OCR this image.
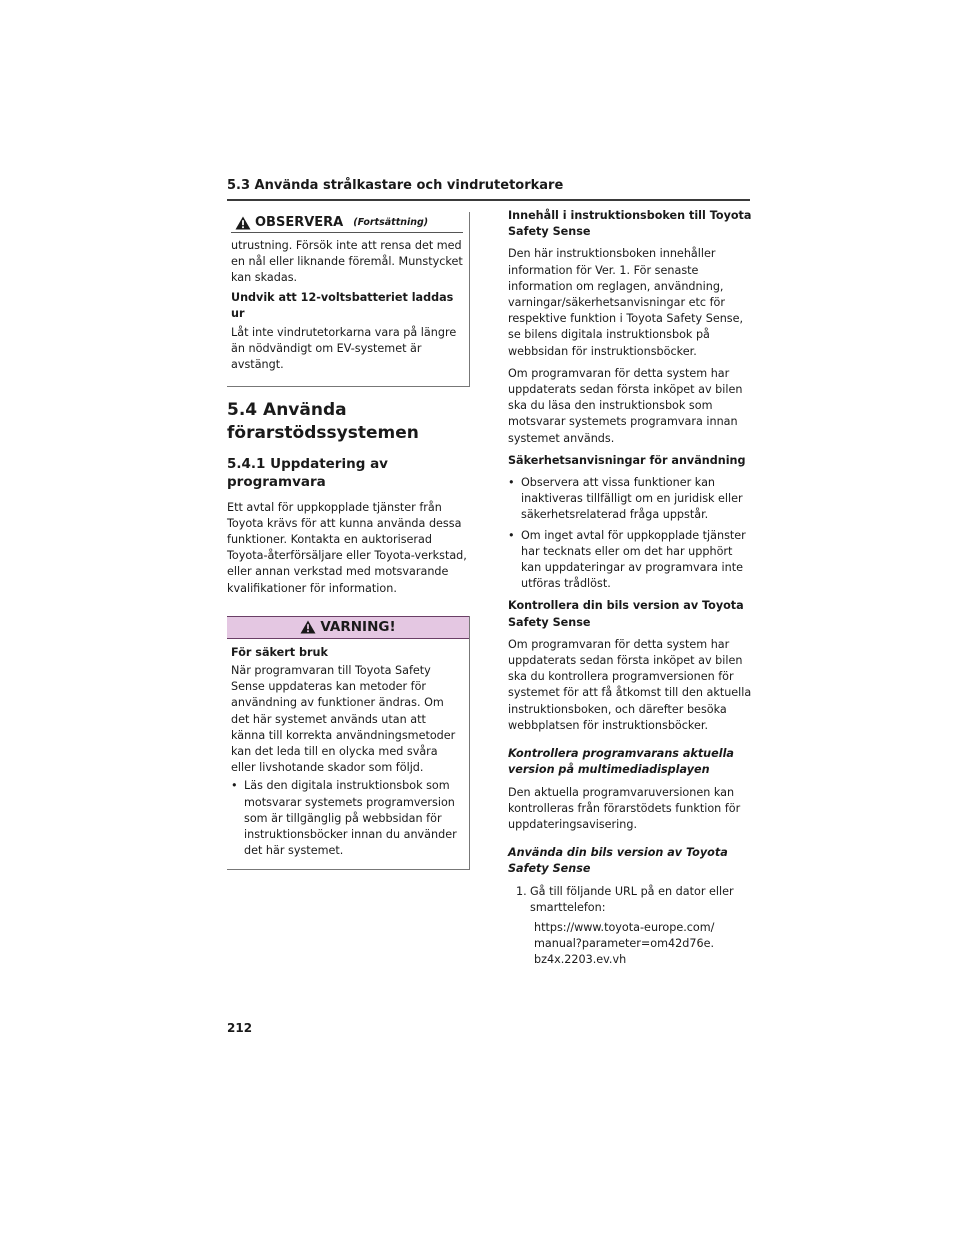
5.3 Använda strålkastare och vindrutetorkare
OBSERVERA (Fortsättning)

utrustning. Försök inte att rensa det med en nål eller liknande föremål. Munstycket kan skadas.

Undvik att 12-voltsbatteriet laddas ur

Låt inte vindrutetorkarna vara på längre än nödvändigt om EV-systemet är avstängt.

5.4 Använda förarstödssystemen
5.4.1 Uppdatering av programvara

Ett avtal för uppkopplade tjänster från Toyota krävs för att kunna använda dessa funktioner. Kontakta en auktoriserad Toyota-återförsäljare eller Toyota-verkstad, eller annan verkstad med motsvarande kvalifikationer för information.

VARNING!

För säkert bruk

När programvaran till Toyota Safety Sense uppdateras kan metoder för användning av funktioner ändras. Om det här systemet används utan att känna till korrekta användningsmetoder kan det leda till en olycka med svåra eller livshotande skador som följd.

• Läs den digitala instruktionsbok som motsvarar systemets programversion som är tillgänglig på webbsidan för instruktionsböcker innan du använder det här systemet.
Innehåll i instruktionsboken till Toyota Safety Sense

Den här instruktionsboken innehåller information för Ver. 1. För senaste information om reglagen, användning, varningar/säkerhetsanvisningar etc för respektive funktion i Toyota Safety Sense, se bilens digitala instruktionsbok på webbsidan för instruktionsböcker.

Om programvaran för detta system har uppdaterats sedan första inköpet av bilen ska du läsa den instruktionsbok som motsvarar systemets programvara innan systemet används.

Säkerhetsanvisningar för användning
• Observera att vissa funktioner kan inaktiveras tillfälligt om en juridisk eller säkerhetsrelaterad fråga uppstår.
• Om inget avtal för uppkopplade tjänster har tecknats eller om det har upphört kan uppdateringar av programvara inte utföras trådlöst.
Kontrollera din bils version av Toyota Safety Sense

Om programvaran för detta system har uppdaterats sedan första inköpet av bilen ska du kontrollera programversionen för systemet för att få åtkomst till den aktuella instruktionsboken, och därefter besöka webbplatsen för instruktionsböcker.

Kontrollera programvarans aktuella version på multimediadisplayen

Den aktuella programvaruversionen kan kontrolleras från förarstödets funktion för uppdateringsavisering.

Använda din bils version av Toyota Safety Sense

1. Gå till följande URL på en dator eller smarttelefon:

https://www.toyota-europe.com/ manual?parameter=om42d76e. bz4x.2203.ev.vh

212
